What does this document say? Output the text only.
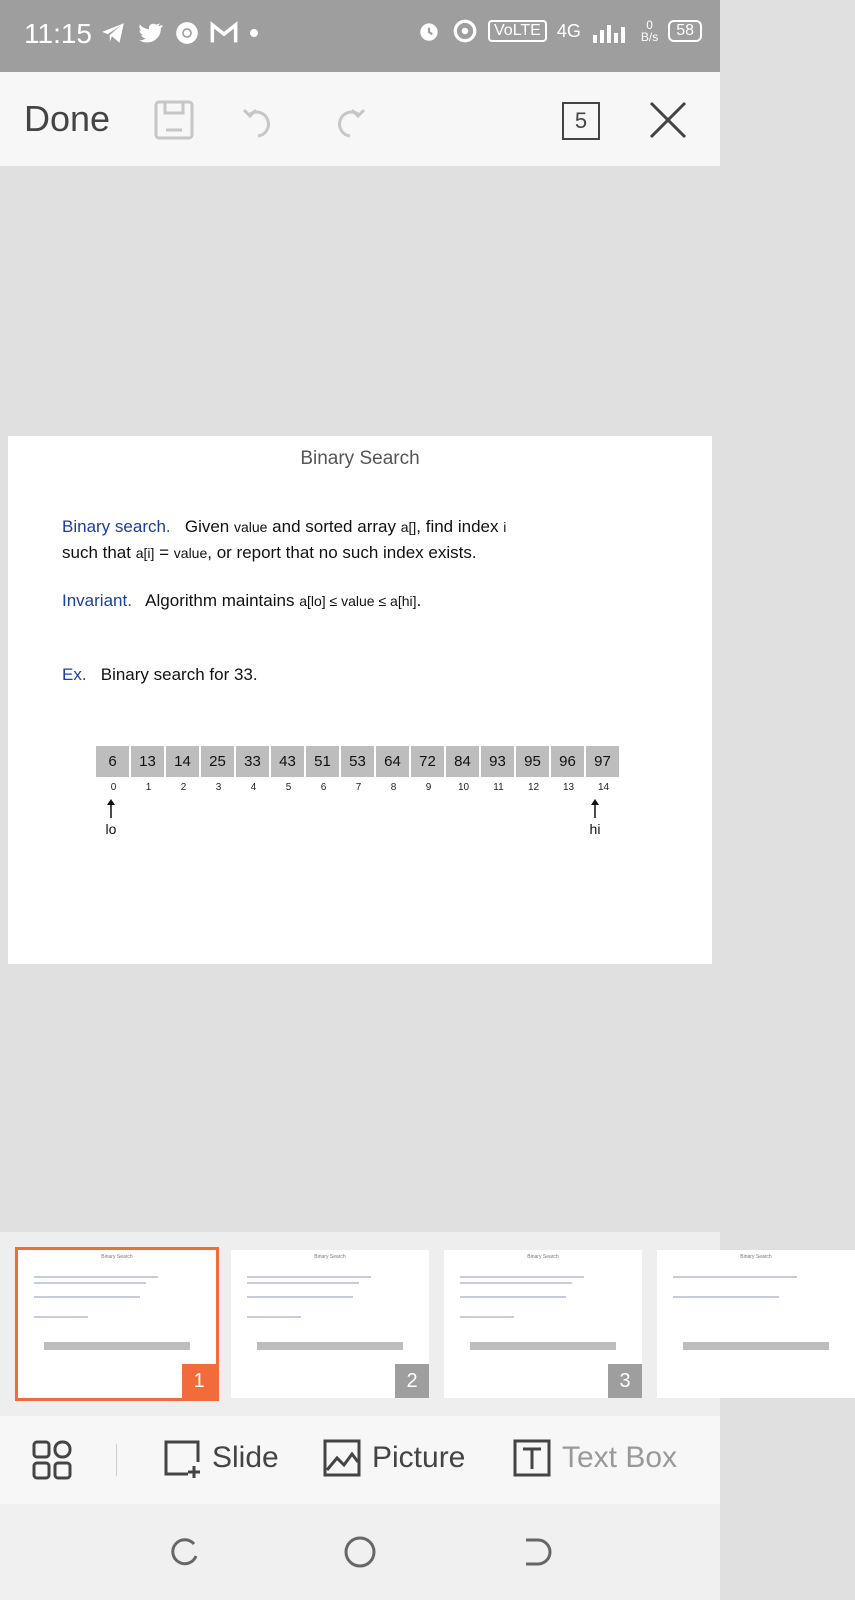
11:15	VoLTE 4G	0
B/s	58
Done	5
Binary Search
Binary search. Given value and sorted array a[], find index i
such that a[i] = value, or report that no such index exists.
Invariant. Algorithm maintains a[lo] ≤ value ≤ a[hi].
Ex. Binary search for 33.
6	13	14	25	33	43	51	53	64	72	84	93	95	96	97
0	1	2	3	4	5	6	7	8	9	10	11	12	13	14
lo	hi
Binary Search
1
Binary Search
2
Binary Search
3
Binary Search
Slide	Picture	Text Box
